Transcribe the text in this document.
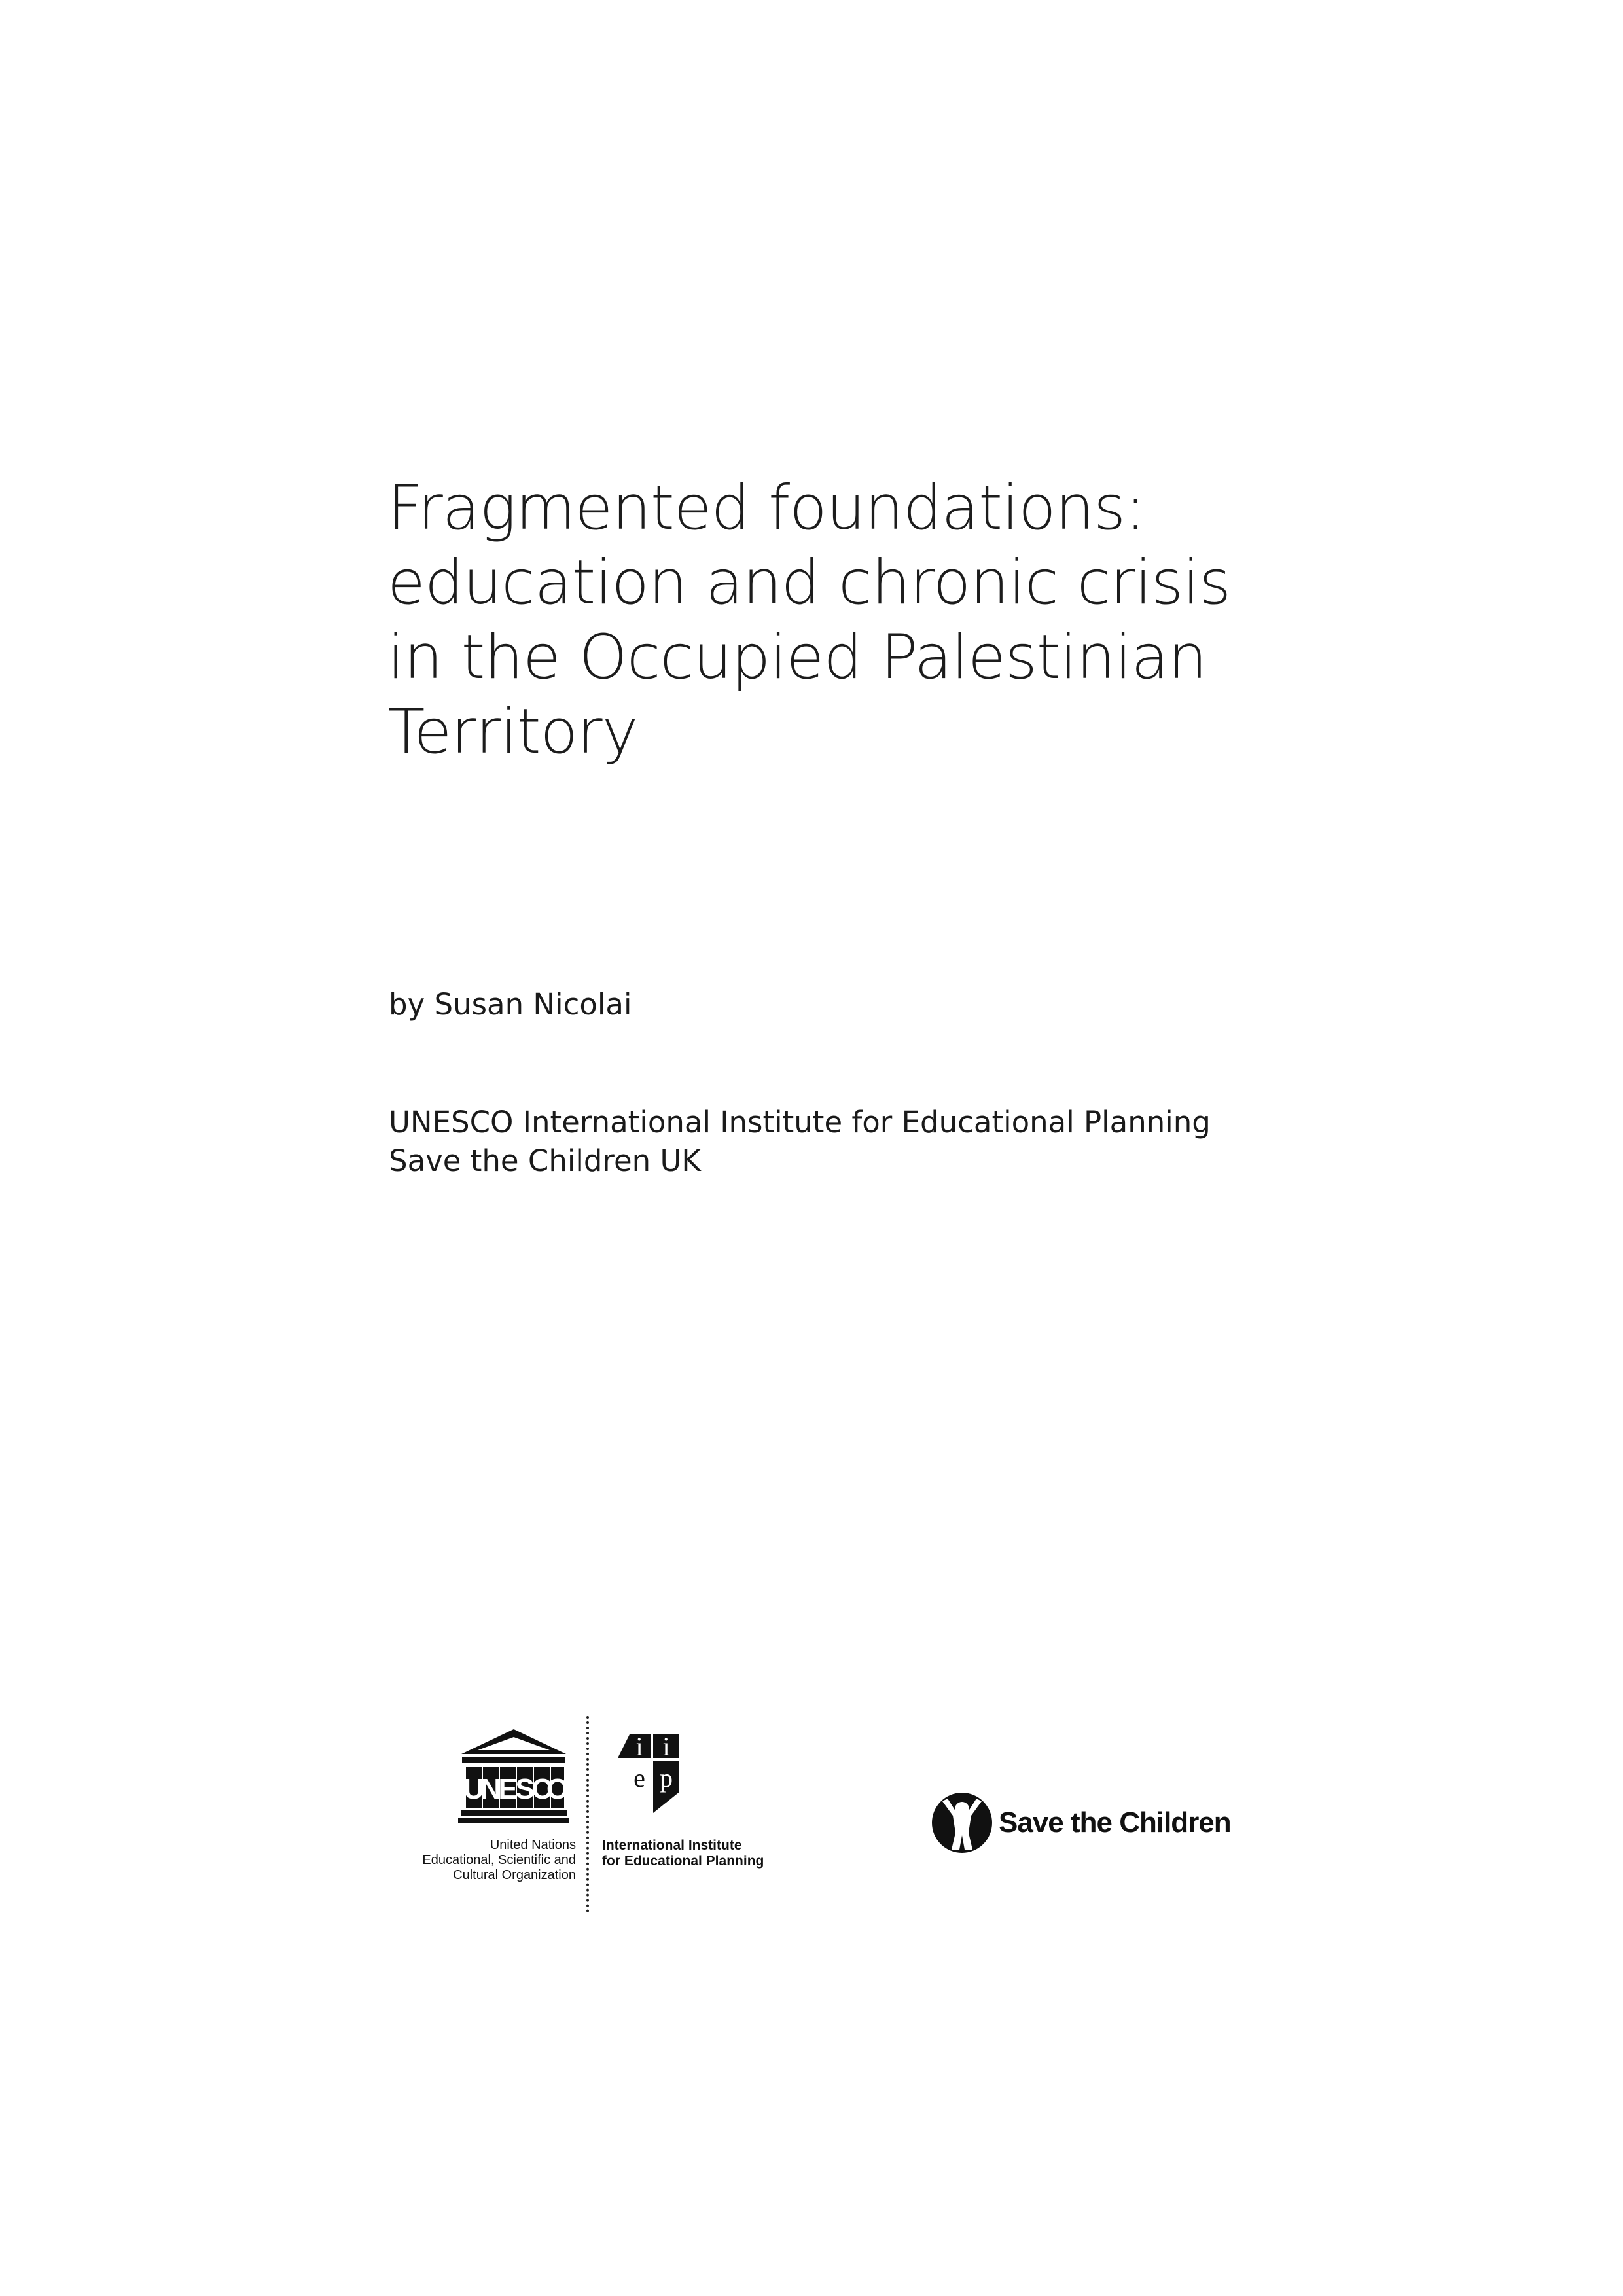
Fragmented foundations:
education and chronic crisis
in the Occupied Palestinian
Territory
by Susan Nicolai
UNESCO International Institute for Educational Planning
Save the Children UK
U
N
E
S
C
O
United Nations
Educational, Scientific and
Cultural Organization
i i
e p
International Institute
for Educational Planning
Save the Children
